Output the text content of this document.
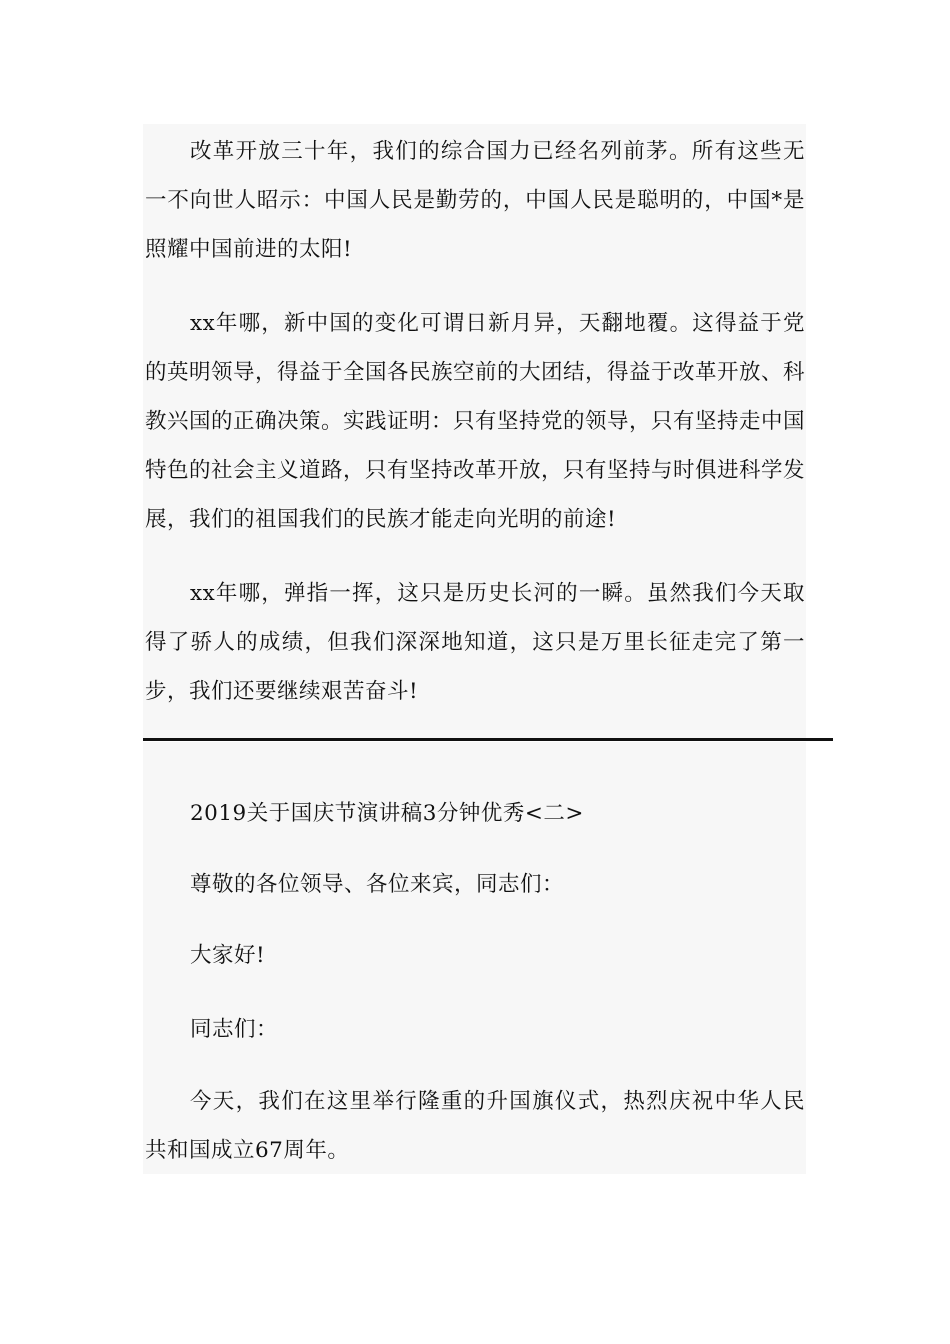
改革开放三十年，我们的综合国力已经名列前茅。所有这些无一不向世人昭示：中国人民是勤劳的，中国人民是聪明的，中国*是照耀中国前进的太阳!

xx年哪，新中国的变化可谓日新月异，天翻地覆。这得益于党的英明领导，得益于全国各民族空前的大团结，得益于改革开放、科教兴国的正确决策。实践证明：只有坚持党的领导，只有坚持走中国特色的社会主义道路，只有坚持改革开放，只有坚持与时俱进科学发展，我们的祖国我们的民族才能走向光明的前途!

xx年哪，弹指一挥，这只是历史长河的一瞬。虽然我们今天取得了骄人的成绩，但我们深深地知道，这只是万里长征走完了第一步，我们还要继续艰苦奋斗!

2019关于国庆节演讲稿3分钟优秀<二>

尊敬的各位领导、各位来宾，同志们：

大家好!

同志们：

今天，我们在这里举行隆重的升国旗仪式，热烈庆祝中华人民共和国成立67周年。
